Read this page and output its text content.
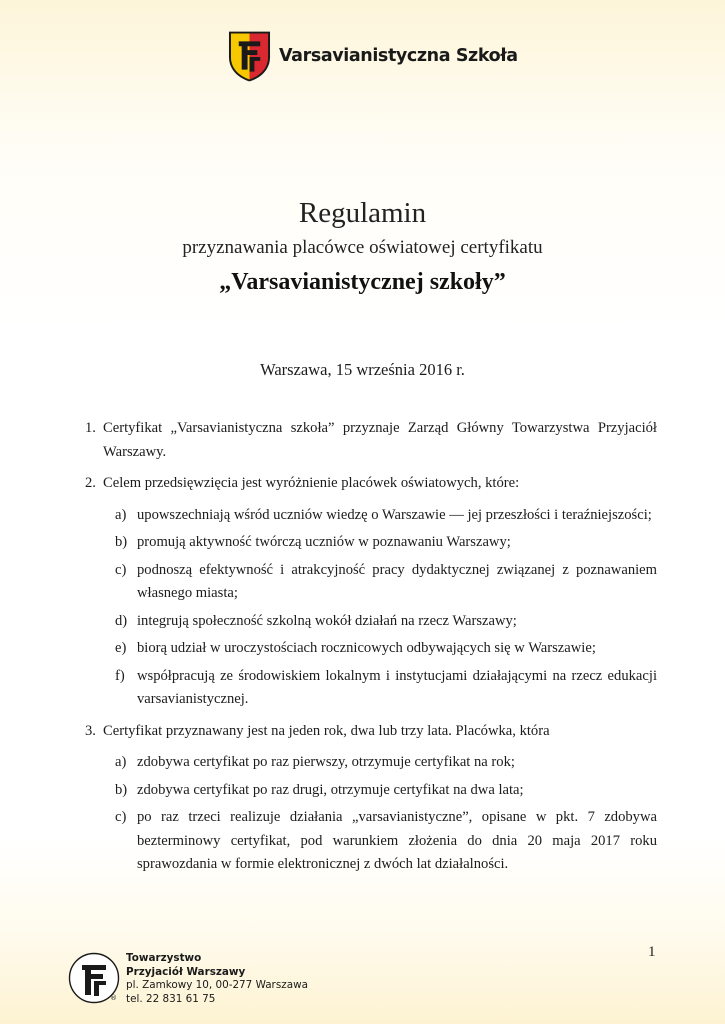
Varsavianistyczna Szkoła
Regulamin
przyznawania placówce oświatowej certyfikatu
„Varsavianistycznej szkoły”
Warszawa, 15 września 2016 r.
1. Certyfikat „Varsavianistyczna szkoła” przyznaje Zarząd Główny Towarzystwa Przyjaciół Warszawy.
2. Celem przedsięwzięcia jest wyróżnienie placówek oświatowych, które:
a) upowszechniają wśród uczniów wiedzę o Warszawie — jej przeszłości i teraźniejszości;
b) promują aktywność twórczą uczniów w poznawaniu Warszawy;
c) podnoszą efektywność i atrakcyjność pracy dydaktycznej związanej z poznawaniem własnego miasta;
d) integrują społeczność szkolną wokół działań na rzecz Warszawy;
e) biorą udział w uroczystościach rocznicowych odbywających się w Warszawie;
f) współpracują ze środowiskiem lokalnym i instytucjami działającymi na rzecz edukacji varsavianistycznej.
3. Certyfikat przyznawany jest na jeden rok, dwa lub trzy lata. Placówka, która
a) zdobywa certyfikat po raz pierwszy, otrzymuje certyfikat na rok;
b) zdobywa certyfikat po raz drugi, otrzymuje certyfikat na dwa lata;
c) po raz trzeci realizuje działania „varsavianistyczne”, opisane w pkt. 7 zdobywa bezterminowy certyfikat, pod warunkiem złożenia do dnia 20 maja 2017 roku sprawozdania w formie elektronicznej z dwóch lat działalności.
1
®
Towarzystwo
Przyjaciół Warszawy
pl. Zamkowy 10, 00-277 Warszawa
tel. 22 831 61 75
